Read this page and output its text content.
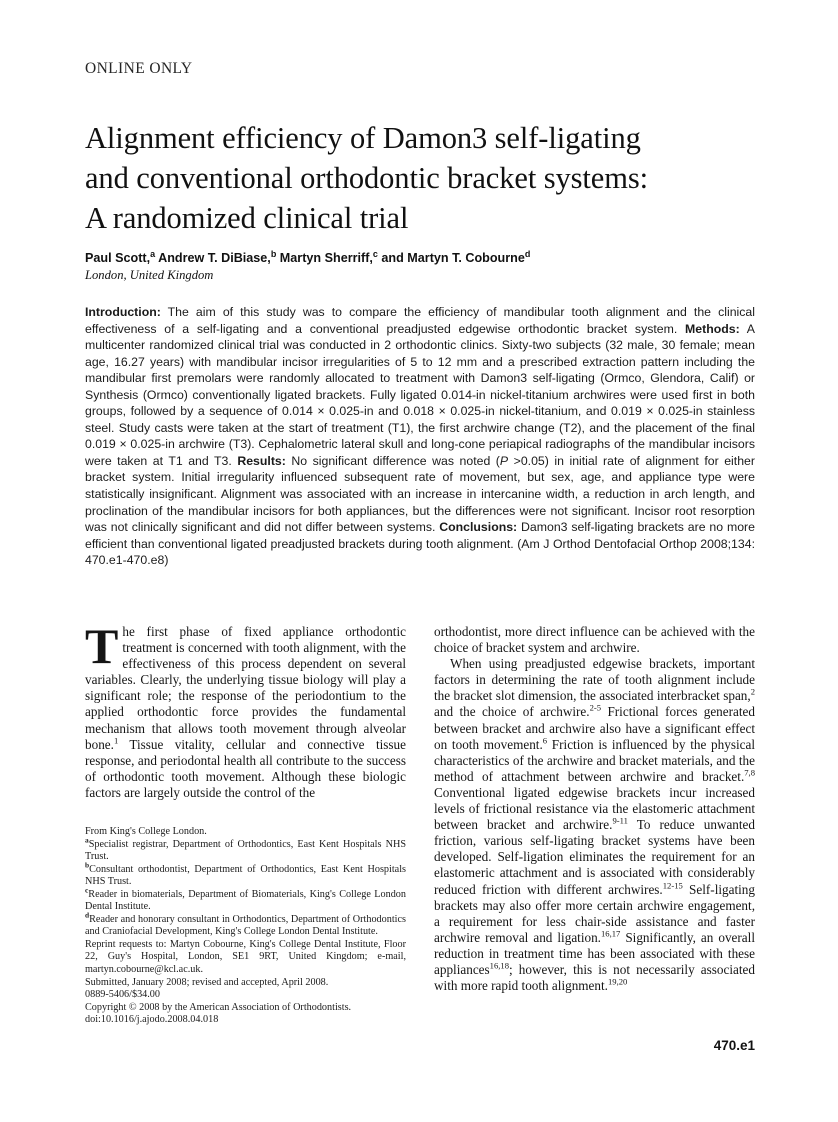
ONLINE ONLY
Alignment efficiency of Damon3 self-ligating
and conventional orthodontic bracket systems:
A randomized clinical trial
Paul Scott,$^a$ Andrew T. DiBiase,$^b$ Martyn Sherriff,$^c$ and Martyn T. Cobourne$^d$
London, United Kingdom
Introduction: The aim of this study was to compare the efficiency of mandibular tooth alignment and the clinical effectiveness of a self-ligating and a conventional preadjusted edgewise orthodontic bracket system. Methods: A multicenter randomized clinical trial was conducted in 2 orthodontic clinics. Sixty-two subjects (32 male, 30 female; mean age, 16.27 years) with mandibular incisor irregularities of 5 to 12 mm and a prescribed extraction pattern including the mandibular first premolars were randomly allocated to treatment with Damon3 self-ligating (Ormco, Glendora, Calif) or Synthesis (Ormco) conventionally ligated brackets. Fully ligated 0.014-in nickel-titanium archwires were used first in both groups, followed by a sequence of 0.014 × 0.025-in and 0.018 × 0.025-in nickel-titanium, and 0.019 × 0.025-in stainless steel. Study casts were taken at the start of treatment (T1), the first archwire change (T2), and the placement of the final 0.019 × 0.025-in archwire (T3). Cephalometric lateral skull and long-cone periapical radiographs of the mandibular incisors were taken at T1 and T3. Results: No significant difference was noted (P >0.05) in initial rate of alignment for either bracket system. Initial irregularity influenced subsequent rate of movement, but sex, age, and appliance type were statistically insignificant. Alignment was associated with an increase in intercanine width, a reduction in arch length, and proclination of the mandibular incisors for both appliances, but the differences were not significant. Incisor root resorption was not clinically significant and did not differ between systems. Conclusions: Damon3 self-ligating brackets are no more efficient than conventional ligated preadjusted brackets during tooth alignment. (Am J Orthod Dentofacial Orthop 2008;134: 470.e1-470.e8)

The first phase of fixed appliance orthodontic treatment is concerned with tooth alignment, with the effectiveness of this process dependent on several variables. Clearly, the underlying tissue biology will play a significant role; the response of the periodontium to the applied orthodontic force provides the fundamental mechanism that allows tooth movement through alveolar bone.$^1$ Tissue vitality, cellular and connective tissue response, and periodontal health all contribute to the success of orthodontic tooth movement. Although these biologic factors are largely outside the control of the

orthodontist, more direct influence can be achieved with the choice of bracket system and archwire.

When using preadjusted edgewise brackets, important factors in determining the rate of tooth alignment include the bracket slot dimension, the associated interbracket span,$^2$ and the choice of archwire.$^{2-5}$ Frictional forces generated between bracket and archwire also have a significant effect on tooth movement.$^6$ Friction is influenced by the physical characteristics of the archwire and bracket materials, and the method of attachment between archwire and bracket.$^{7,8}$ Conventional ligated edgewise brackets incur increased levels of frictional resistance via the elastomeric attachment between bracket and archwire.$^{9-11}$ To reduce unwanted friction, various self-ligating bracket systems have been developed. Self-ligation eliminates the requirement for an elastomeric attachment and is associated with considerably reduced friction with different archwires.$^{12-15}$ Self-ligating brackets may also offer more certain archwire engagement, a requirement for less chair-side assistance and faster archwire removal and ligation.$^{16,17}$ Significantly, an overall reduction in treatment time has been associated with these appliances$^{16,18}$; however, this is not necessarily associated with more rapid tooth alignment.$^{19,20}$

From King's College London.

$^a$Specialist registrar, Department of Orthodontics, East Kent Hospitals NHS Trust.

$^b$Consultant orthodontist, Department of Orthodontics, East Kent Hospitals NHS Trust.

$^c$Reader in biomaterials, Department of Biomaterials, King's College London Dental Institute.

$^d$Reader and honorary consultant in Orthodontics, Department of Orthodontics and Craniofacial Development, King's College London Dental Institute.

Reprint requests to: Martyn Cobourne, King's College Dental Institute, Floor 22, Guy's Hospital, London, SE1 9RT, United Kingdom; e-mail, martyn.cobourne@kcl.ac.uk.

Submitted, January 2008; revised and accepted, April 2008.

0889-5406/$34.00

Copyright © 2008 by the American Association of Orthodontists.

doi:10.1016/j.ajodo.2008.04.018

470.e1
